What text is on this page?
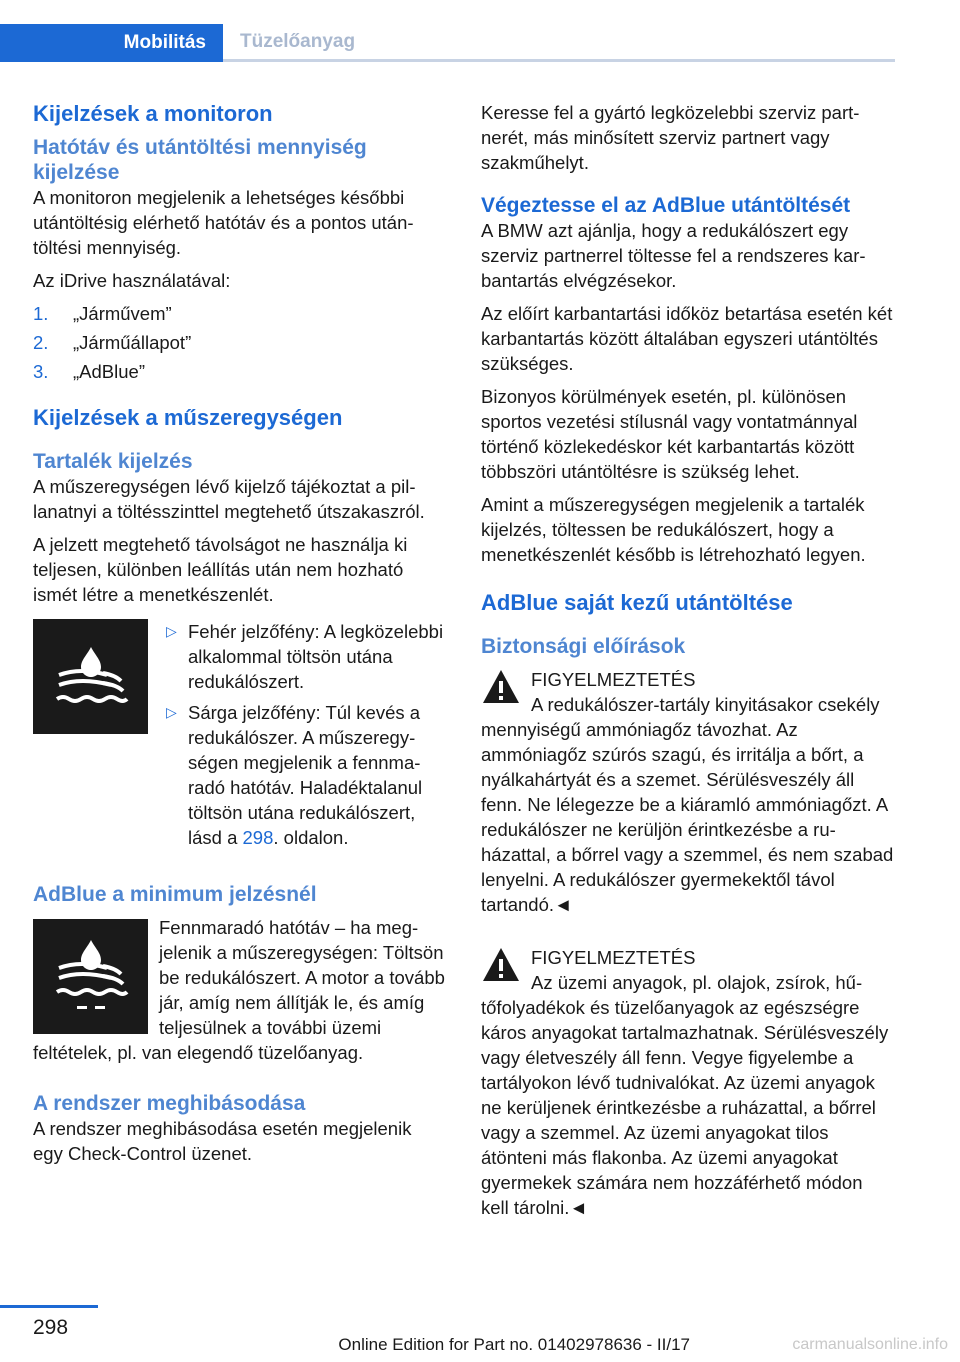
Mobilitás	Tüzelőanyag
Kijelzések a monitoron
Hatótáv és utántöltési mennyiség kijelzése

A monitoron megjelenik a lehetséges későbbi utántöltésig elérhető hatótáv és a pontos utántöltési mennyiség.

Az iDrive használatával:

1.	„Járművem”
2.	„Járműállapot”
3.	„AdBlue”
Kijelzések a műszeregységen
Tartalék kijelzés

A műszeregységen lévő kijelző tájékoztat a pillanatnyi a töltésszinttel megtehető útszakaszról.

A jelzett megtehető távolságot ne használja ki teljesen, különben leállítás után nem hozható ismét létre a menetkészenlét.

▷ Fehér jelzőfény: A legközelebbi alkalommal töltsön utána redukálószert.
▷ Sárga jelzőfény: Túl kevés a redukálószer. A műszeregységen megjelenik a fennmaradó hatótáv. Haladéktalanul töltsön utána redukálószert, lásd a 298. oldalon.
AdBlue a minimum jelzésnél

Fennmaradó hatótáv – ha megjelenik a műszeregységen: Töltsön be redukálószert. A motor a tovább jár, amíg nem állítják le, és amíg teljesülnek a további üzemi feltételek, pl. van elegendő tüzelőanyag.

A rendszer meghibásodása

A rendszer meghibásodása esetén megjelenik egy Check-Control üzenet.

Keresse fel a gyártó legközelebbi szerviz partnerét, más minősített szerviz partnert vagy szakműhelyt.

Végeztesse el az AdBlue utántöltését

A BMW azt ajánlja, hogy a redukálószert egy szerviz partnerrel töltesse fel a rendszeres karbantartás elvégzésekor.

Az előírt karbantartási időköz betartása esetén két karbantartás között általában egyszeri utántöltés szükséges.

Bizonyos körülmények esetén, pl. különösen sportos vezetési stílusnál vagy vontatmánnyal történő közlekedéskor két karbantartás között többszöri utántöltésre is szükség lehet.

Amint a műszeregységen megjelenik a tartalék kijelzés, töltessen be redukálószert, hogy a menetkészenlét később is létrehozható legyen.

AdBlue saját kezű utántöltése
Biztonsági előírások

FIGYELMEZTETÉS

A redukálószer-tartály kinyitásakor csekély mennyiségű ammóniagőz távozhat. Az ammóniagőz szúrós szagú, és irritálja a bőrt, a nyálkahártyát és a szemet. Sérülésveszély áll fenn. Ne lélegezze be a kiáramló ammóniagőzt. A redukálószer ne kerüljön érintkezésbe a ruházattal, a bőrrel vagy a szemmel, és nem szabad lenyelni. A redukálószer gyermekektől távol tartandó.◄

FIGYELMEZTETÉS

Az üzemi anyagok, pl. olajok, zsírok, hűtőfolyadékok és tüzelőanyagok az egészségre káros anyagokat tartalmazhatnak. Sérülésveszély vagy életveszély áll fenn. Vegye figyelembe a tartályokon lévő tudnivalókat. Az üzemi anyagok ne kerüljenek érintkezésbe a ruházattal, a bőrrel vagy a szemmel. Az üzemi anyagokat tilos átönteni más flakonba. Az üzemi anyagokat gyermekek számára nem hozzáférhető módon kell tárolni.◄

298
Online Edition for Part no. 01402978636 - II/17	carmanualsonline.info
